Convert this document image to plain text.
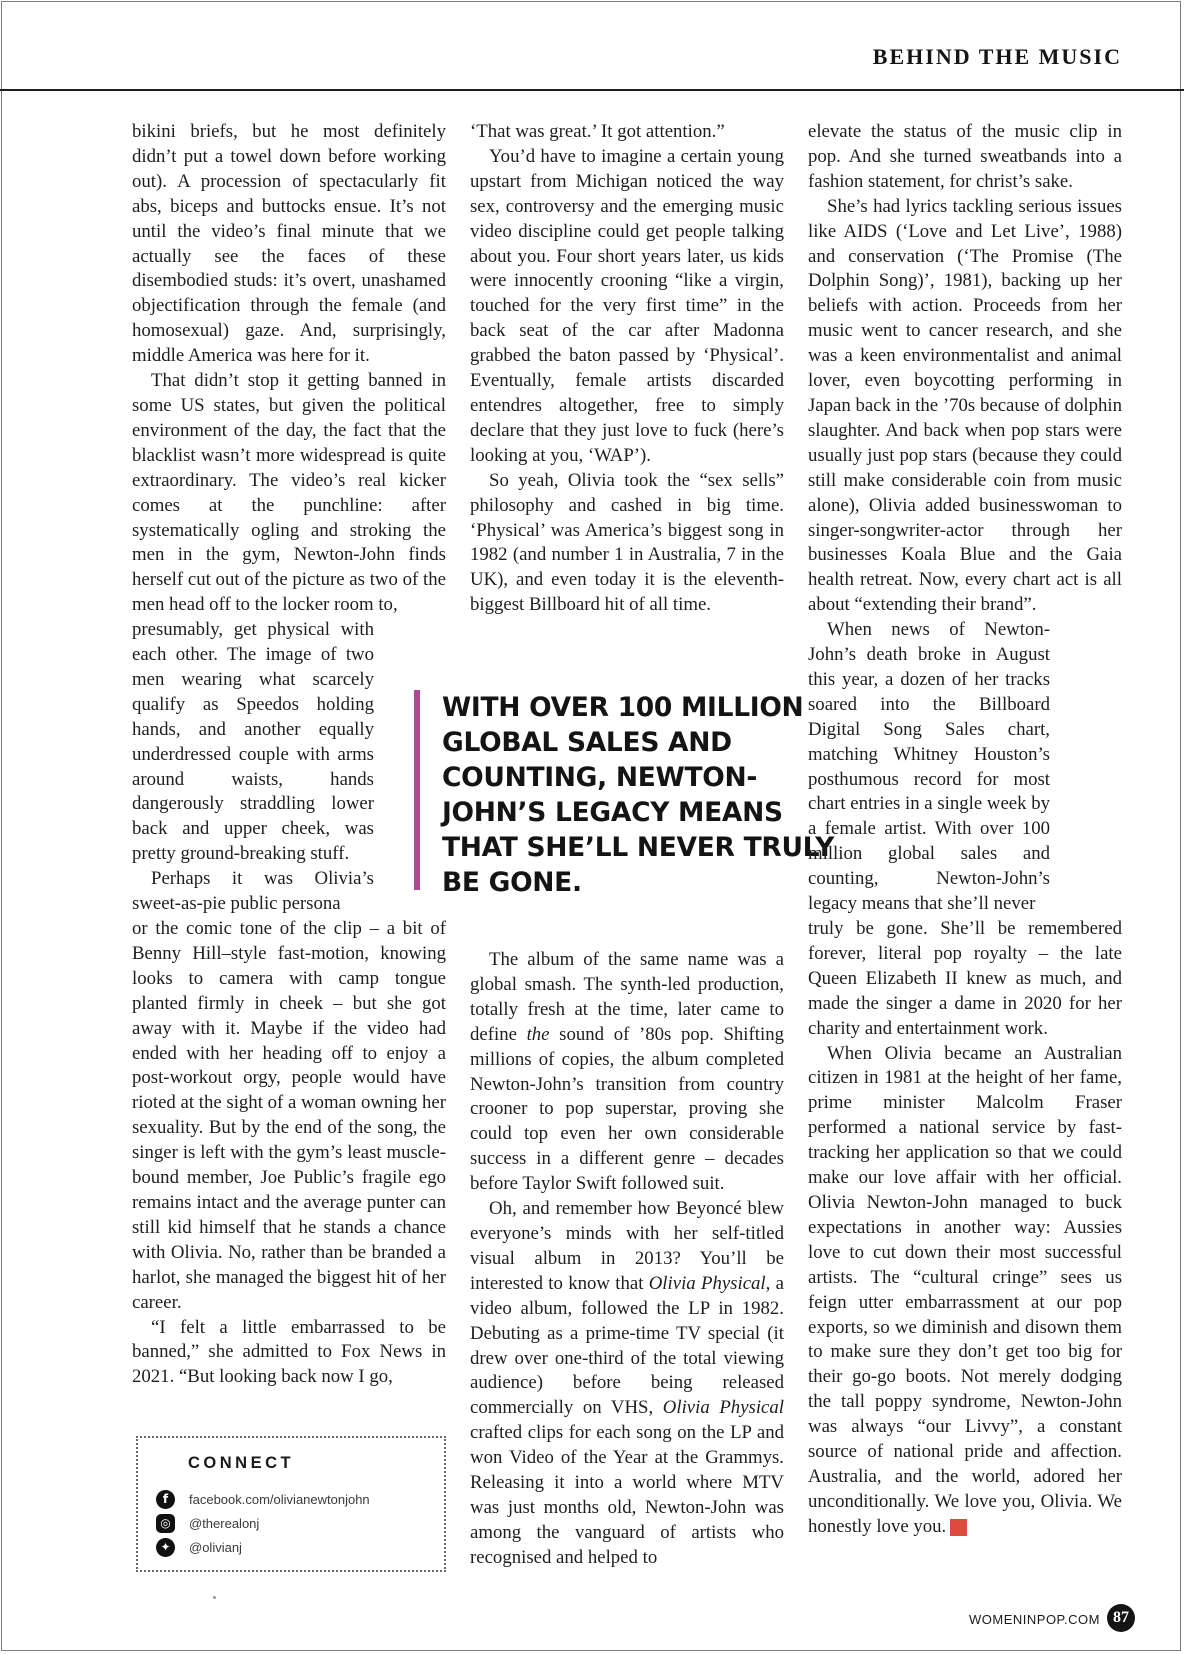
BEHIND THE MUSIC

bikini briefs, but he most definitely didn’t put a towel down before working out). A procession of spectacularly fit abs, biceps and buttocks ensue. It’s not until the video’s final minute that we actually see the faces of these disembodied studs: it’s overt, unashamed objectification through the female (and homosexual) gaze. And, surprisingly, middle America was here for it.

That didn’t stop it getting banned in some US states, but given the political environment of the day, the fact that the blacklist wasn’t more widespread is quite extraordinary. The video’s real kicker comes at the punchline: after systematically ogling and stroking the men in the gym, Newton-John finds herself cut out of the picture as two of the men head off to the locker room to,

presumably, get physical with each other. The image of two men wearing what scarcely qualify as Speedos holding hands, and another equally underdressed couple with arms around waists, hands dangerously straddling lower back and upper cheek, was pretty ground-breaking stuff.

Perhaps it was Olivia’s sweet-as-pie public persona

or the comic tone of the clip – a bit of Benny Hill–style fast-motion, knowing looks to camera with camp tongue planted firmly in cheek – but she got away with it. Maybe if the video had ended with her heading off to enjoy a post-workout orgy, people would have rioted at the sight of a woman owning her sexuality. But by the end of the song, the singer is left with the gym’s least muscle-bound member, Joe Public’s fragile ego remains intact and the average punter can still kid himself that he stands a chance with Olivia. No, rather than be branded a harlot, she managed the biggest hit of her career.

“I felt a little embarrassed to be banned,” she admitted to Fox News in 2021. “But looking back now I go,

‘That was great.’ It got attention.”

You’d have to imagine a certain young upstart from Michigan noticed the way sex, controversy and the emerging music video discipline could get people talking about you. Four short years later, us kids were innocently crooning “like a virgin, touched for the very first time” in the back seat of the car after Madonna grabbed the baton passed by ‘Physical’. Eventually, female artists discarded entendres altogether, free to simply declare that they just love to fuck (here’s looking at you, ‘WAP’).

So yeah, Olivia took the “sex sells” philosophy and cashed in big time. ‘Physical’ was America’s biggest song in 1982 (and number 1 in Australia, 7 in the UK), and even today it is the eleventh-biggest Billboard hit of all time.

WITH OVER 100 MILLION GLOBAL SALES AND COUNTING, NEWTON-JOHN’S LEGACY MEANS THAT SHE’LL NEVER TRULY BE GONE.

The album of the same name was a global smash. The synth-led production, totally fresh at the time, later came to define the sound of ’80s pop. Shifting millions of copies, the album completed Newton-John’s transition from country crooner to pop superstar, proving she could top even her own considerable success in a different genre – decades before Taylor Swift followed suit.

Oh, and remember how Beyoncé blew everyone’s minds with her self-titled visual album in 2013? You’ll be interested to know that Olivia Physical, a video album, followed the LP in 1982. Debuting as a prime-time TV special (it drew over one-third of the total viewing audience) before being released commercially on VHS, Olivia Physical crafted clips for each song on the LP and won Video of the Year at the Grammys. Releasing it into a world where MTV was just months old, Newton-John was among the vanguard of artists who recognised and helped to

elevate the status of the music clip in pop. And she turned sweatbands into a fashion statement, for christ’s sake.

She’s had lyrics tackling serious issues like AIDS (‘Love and Let Live’, 1988) and conservation (‘The Promise (The Dolphin Song)’, 1981), backing up her beliefs with action. Proceeds from her music went to cancer research, and she was a keen environmentalist and animal lover, even boycotting performing in Japan back in the ’70s because of dolphin slaughter. And back when pop stars were usually just pop stars (because they could still make considerable coin from music alone), Olivia added businesswoman to singer-songwriter-actor through her businesses Koala Blue and the Gaia health retreat. Now, every chart act is all about “extending their brand”.

When news of Newton-John’s death broke in August this year, a dozen of her tracks soared into the Billboard Digital Song Sales chart, matching Whitney Houston’s posthumous record for most chart entries in a single week by a female artist. With over 100 million global sales and counting, Newton-John’s legacy means that she’ll never

truly be gone. She’ll be remembered forever, literal pop royalty – the late Queen Elizabeth II knew as much, and made the singer a dame in 2020 for her charity and entertainment work.

When Olivia became an Australian citizen in 1981 at the height of her fame, prime minister Malcolm Fraser performed a national service by fast-tracking her application so that we could make our love affair with her official. Olivia Newton-John managed to buck expectations in another way: Aussies love to cut down their most successful artists. The “cultural cringe” sees us feign utter embarrassment at our pop exports, so we diminish and disown them to make sure they don’t get too big for their go-go boots. Not merely dodging the tall poppy syndrome, Newton-John was always “our Livvy”, a constant source of national pride and affection. Australia, and the world, adored her unconditionally. We love you, Olivia. We honestly love you. W

CONNECT
f	facebook.com/olivianewtonjohn
◎	@therealonj
✦	@olivianj
WOMENINPOP.COM 87
